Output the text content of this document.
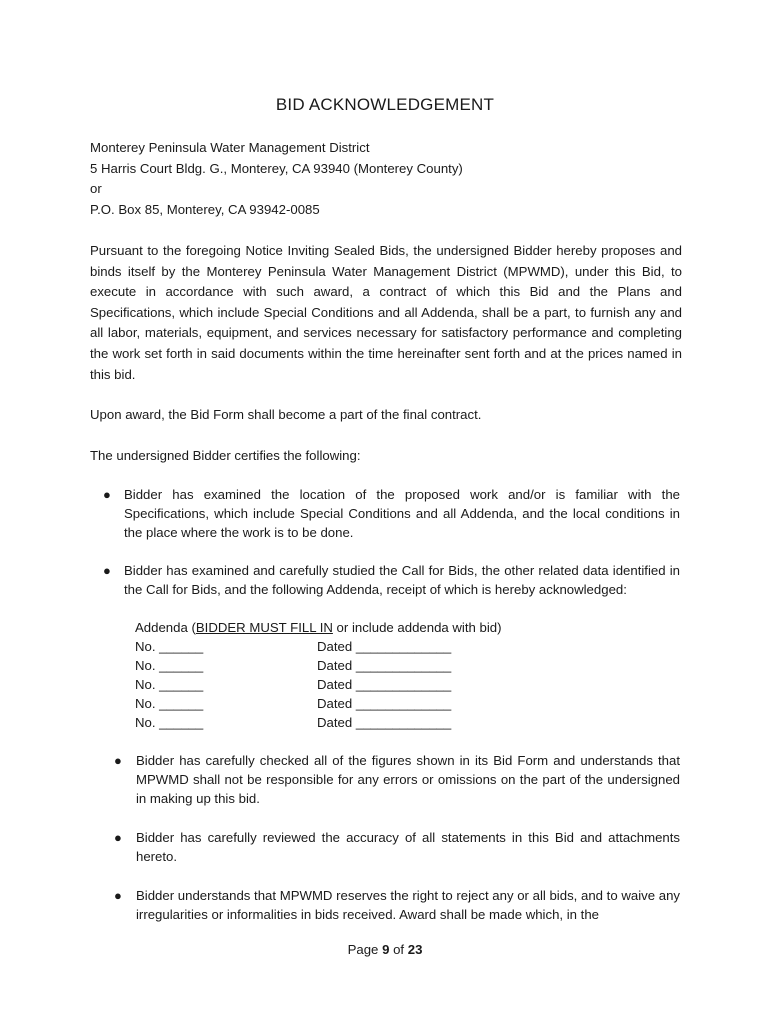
BID ACKNOWLEDGEMENT
Monterey Peninsula Water Management District
5 Harris Court Bldg. G., Monterey, CA 93940 (Monterey County)
or
P.O. Box 85, Monterey, CA 93942-0085
Pursuant to the foregoing Notice Inviting Sealed Bids, the undersigned Bidder hereby proposes and binds itself by the Monterey Peninsula Water Management District (MPWMD), under this Bid, to execute in accordance with such award, a contract of which this Bid and the Plans and Specifications, which include Special Conditions and all Addenda, shall be a part, to furnish any and all labor, materials, equipment, and services necessary for satisfactory performance and completing the work set forth in said documents within the time hereinafter sent forth and at the prices named in this bid.
Upon award, the Bid Form shall become a part of the final contract.
The undersigned Bidder certifies the following:
● Bidder has examined the location of the proposed work and/or is familiar with the Specifications, which include Special Conditions and all Addenda, and the local conditions in the place where the work is to be done.
● Bidder has examined and carefully studied the Call for Bids, the other related data identified in the Call for Bids, and the following Addenda, receipt of which is hereby acknowledged:
Addenda (BIDDER MUST FILL IN or include addenda with bid)
No. ______	Dated _____________
No. ______	Dated _____________
No. ______	Dated _____________
No. ______	Dated _____________
No. ______	Dated _____________
● Bidder has carefully checked all of the figures shown in its Bid Form and understands that MPWMD shall not be responsible for any errors or omissions on the part of the undersigned in making up this bid.
● Bidder has carefully reviewed the accuracy of all statements in this Bid and attachments hereto.
● Bidder understands that MPWMD reserves the right to reject any or all bids, and to waive any irregularities or informalities in bids received. Award shall be made which, in the
Page 9 of 23
